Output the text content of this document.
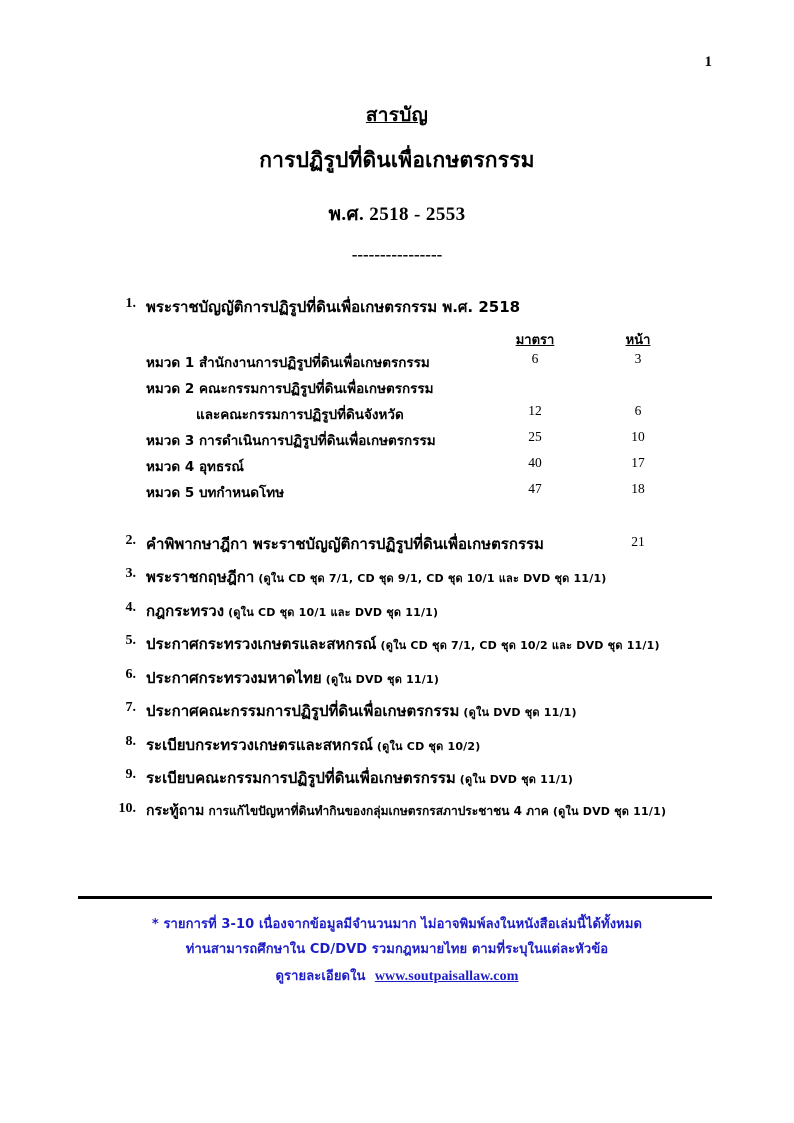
1
สารบัญ
การปฏิรูปที่ดินเพื่อเกษตรกรรม
พ.ศ. 2518 - 2553
----------------
1. พระราชบัญญัติการปฏิรูปที่ดินเพื่อเกษตรกรรม พ.ศ. 2518
มาตรา	หน้า
หมวด 1 สำนักงานการปฏิรูปที่ดินเพื่อเกษตรกรรม	6	3
หมวด 2 คณะกรรมการปฏิรูปที่ดินเพื่อเกษตรกรรม
และคณะกรรมการปฏิรูปที่ดินจังหวัด	12	6
หมวด 3 การดำเนินการปฏิรูปที่ดินเพื่อเกษตรกรรม	25	10
หมวด 4 อุทธรณ์	40	17
หมวด 5 บทกำหนดโทษ	47	18
2. คำพิพากษาฎีกา พระราชบัญญัติการปฏิรูปที่ดินเพื่อเกษตรกรรม	21
3. พระราชกฤษฎีกา (ดูใน CD ชุด 7/1, CD ชุด 9/1, CD ชุด 10/1 และ DVD ชุด 11/1)
4. กฎกระทรวง (ดูใน CD ชุด 10/1 และ DVD ชุด 11/1)
5. ประกาศกระทรวงเกษตรและสหกรณ์ (ดูใน CD ชุด 7/1, CD ชุด 10/2 และ DVD ชุด 11/1)
6. ประกาศกระทรวงมหาดไทย (ดูใน DVD ชุด 11/1)
7. ประกาศคณะกรรมการปฏิรูปที่ดินเพื่อเกษตรกรรม (ดูใน DVD ชุด 11/1)
8. ระเบียบกระทรวงเกษตรและสหกรณ์ (ดูใน CD ชุด 10/2)
9. ระเบียบคณะกรรมการปฏิรูปที่ดินเพื่อเกษตรกรรม (ดูใน DVD ชุด 11/1)
10. กระทู้ถาม การแก้ไขปัญหาที่ดินทำกินของกลุ่มเกษตรกรสภาประชาชน 4 ภาค (ดูใน DVD ชุด 11/1)
* รายการที่ 3-10 เนื่องจากข้อมูลมีจำนวนมาก ไม่อาจพิมพ์ลงในหนังสือเล่มนี้ได้ทั้งหมด
ท่านสามารถศึกษาใน CD/DVD รวมกฎหมายไทย ตามที่ระบุในแต่ละหัวข้อ
ดูรายละเอียดใน www.soutpaisallaw.com
